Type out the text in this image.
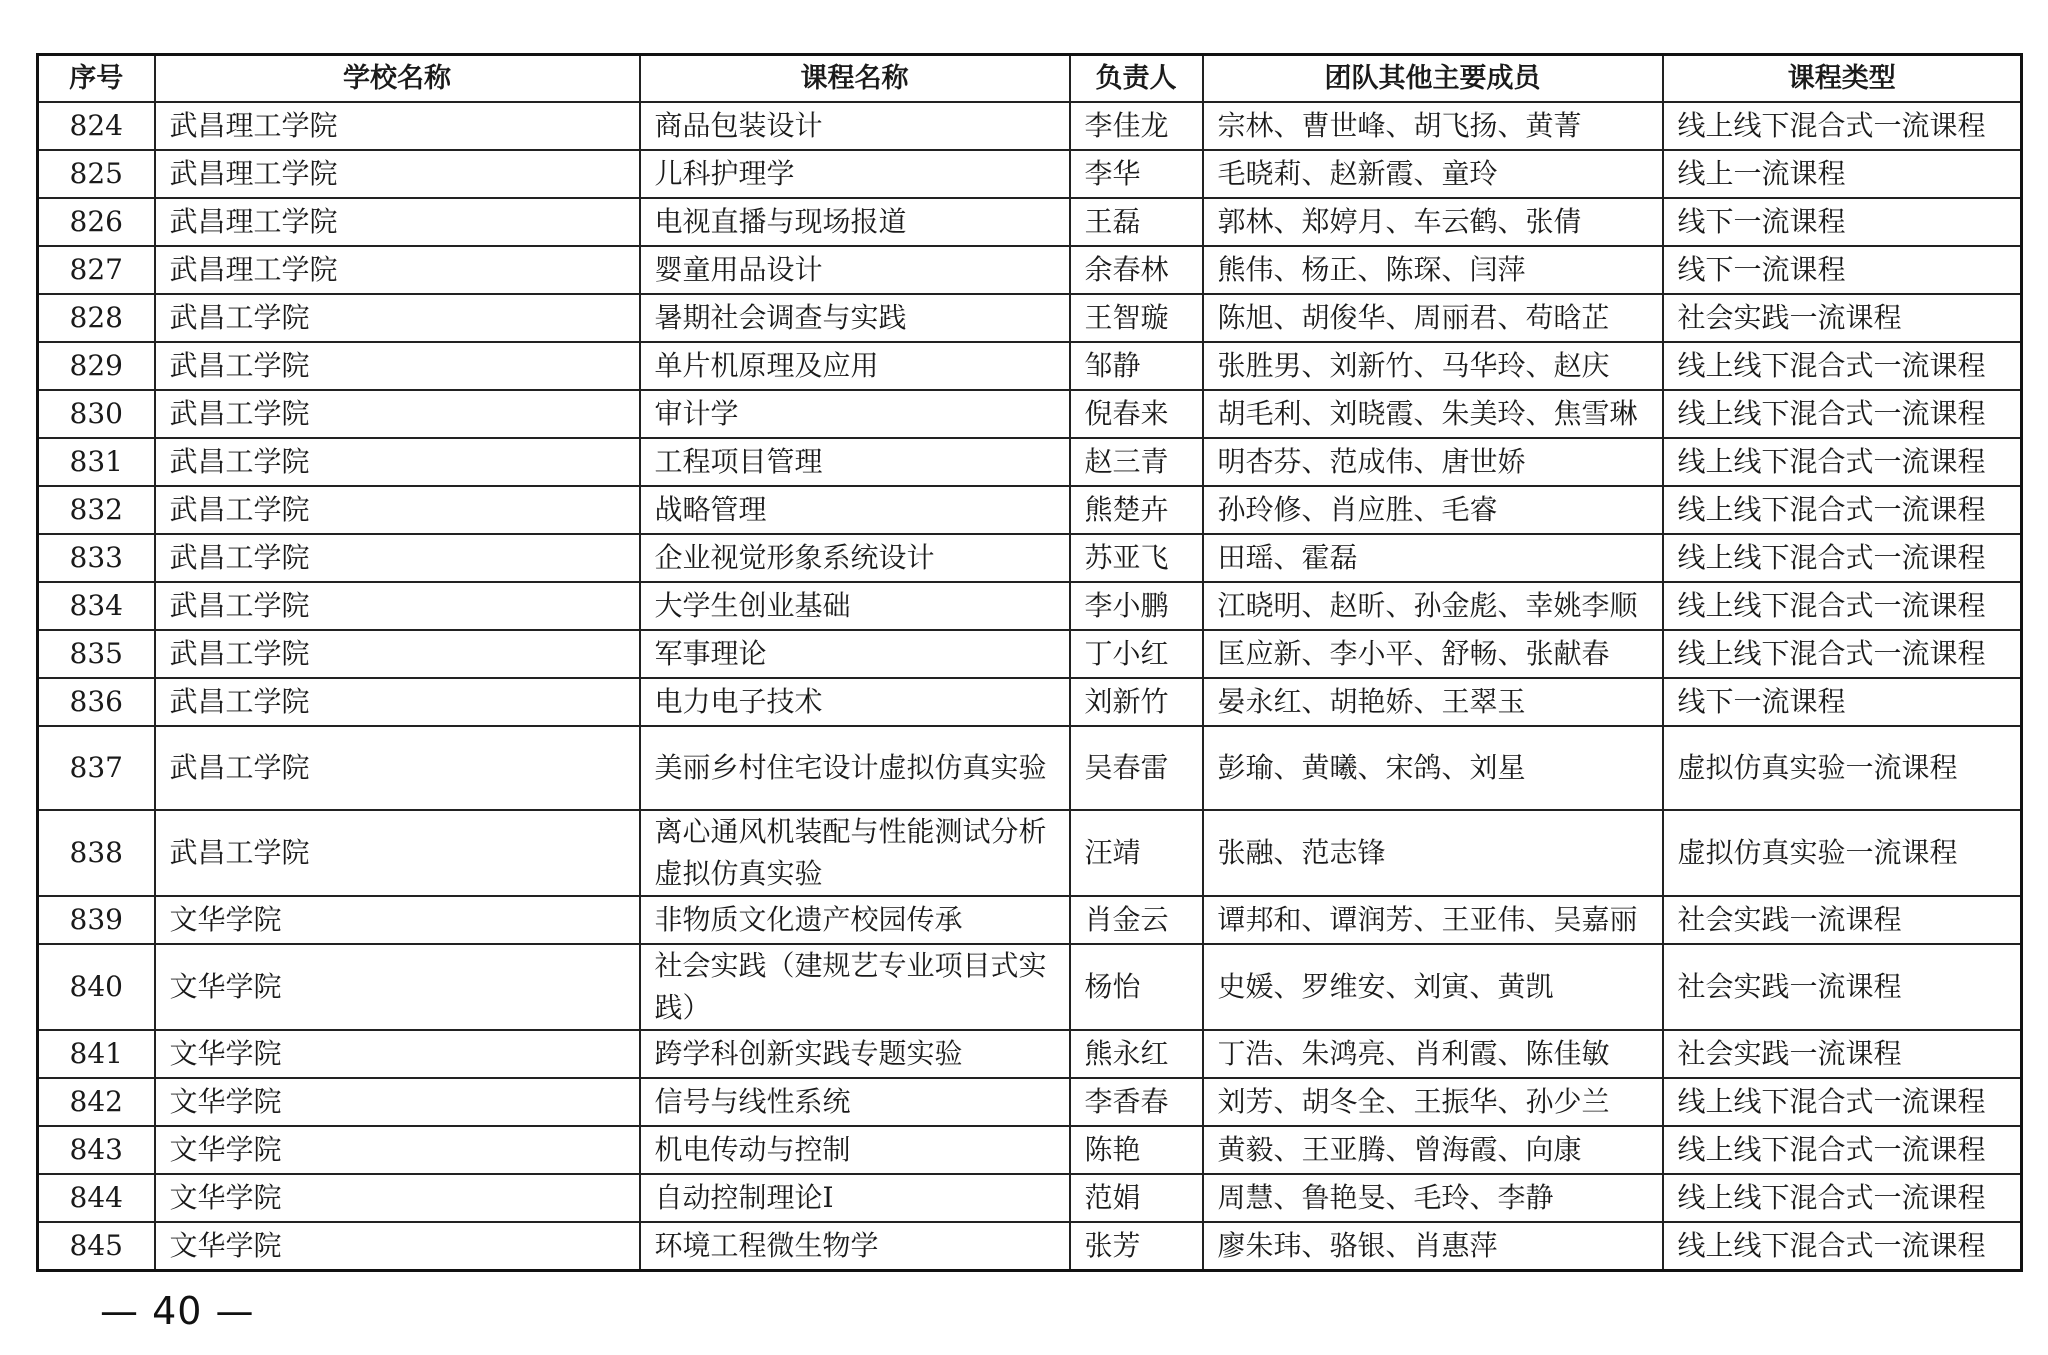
序号	学校名称	课程名称	负责人	团队其他主要成员	课程类型
824	武昌理工学院	商品包装设计	李佳龙	宗林、曹世峰、胡飞扬、黄菁	线上线下混合式一流课程
825	武昌理工学院	儿科护理学	李华	毛晓莉、赵新霞、童玲	线上一流课程
826	武昌理工学院	电视直播与现场报道	王磊	郭林、郑婷月、车云鹤、张倩	线下一流课程
827	武昌理工学院	婴童用品设计	余春林	熊伟、杨正、陈琛、闫萍	线下一流课程
828	武昌工学院	暑期社会调查与实践	王智璇	陈旭、胡俊华、周丽君、苟晗芷	社会实践一流课程
829	武昌工学院	单片机原理及应用	邹静	张胜男、刘新竹、马华玲、赵庆	线上线下混合式一流课程
830	武昌工学院	审计学	倪春来	胡毛利、刘晓霞、朱美玲、焦雪琳	线上线下混合式一流课程
831	武昌工学院	工程项目管理	赵三青	明杏芬、范成伟、唐世娇	线上线下混合式一流课程
832	武昌工学院	战略管理	熊楚卉	孙玲修、肖应胜、毛睿	线上线下混合式一流课程
833	武昌工学院	企业视觉形象系统设计	苏亚飞	田瑶、霍磊	线上线下混合式一流课程
834	武昌工学院	大学生创业基础	李小鹏	江晓明、赵昕、孙金彪、幸姚李顺	线上线下混合式一流课程
835	武昌工学院	军事理论	丁小红	匡应新、李小平、舒畅、张献春	线上线下混合式一流课程
836	武昌工学院	电力电子技术	刘新竹	晏永红、胡艳娇、王翠玉	线下一流课程
837	武昌工学院	美丽乡村住宅设计虚拟仿真实验	吴春雷	彭瑜、黄曦、宋鸽、刘星	虚拟仿真实验一流课程
838	武昌工学院	离心通风机装配与性能测试分析虚拟仿真实验	汪靖	张融、范志锋	虚拟仿真实验一流课程
839	文华学院	非物质文化遗产校园传承	肖金云	谭邦和、谭润芳、王亚伟、吴嘉丽	社会实践一流课程
840	文华学院	社会实践（建规艺专业项目式实践）	杨怡	史媛、罗维安、刘寅、黄凯	社会实践一流课程
841	文华学院	跨学科创新实践专题实验	熊永红	丁浩、朱鸿亮、肖利霞、陈佳敏	社会实践一流课程
842	文华学院	信号与线性系统	李香春	刘芳、胡冬全、王振华、孙少兰	线上线下混合式一流课程
843	文华学院	机电传动与控制	陈艳	黄毅、王亚腾、曾海霞、向康	线上线下混合式一流课程
844	文华学院	自动控制理论Ⅰ	范娟	周慧、鲁艳旻、毛玲、李静	线上线下混合式一流课程
845	文华学院	环境工程微生物学	张芳	廖朱玮、骆银、肖惠萍	线上线下混合式一流课程
— 40 —
